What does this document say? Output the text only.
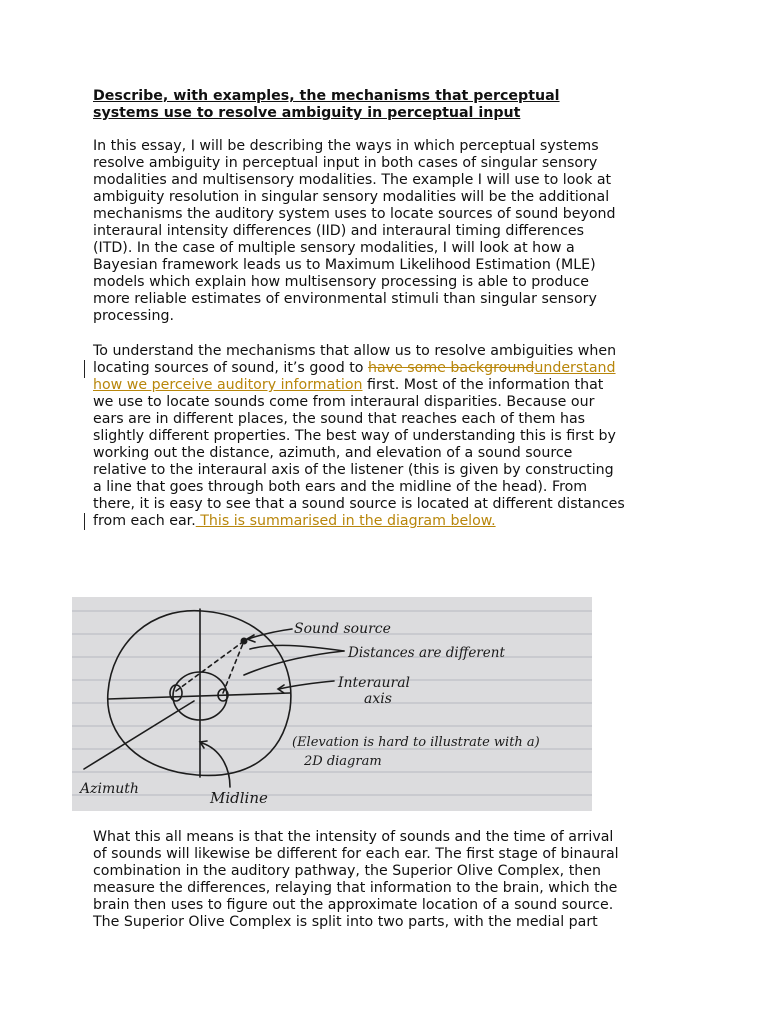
Describe, with examples, the mechanisms that perceptual
systems use to resolve ambiguity in perceptual input
In this essay, I will be describing the ways in which perceptual systems
resolve ambiguity in perceptual input in both cases of singular sensory
modalities and multisensory modalities. The example I will use to look at
ambiguity resolution in singular sensory modalities will be the additional
mechanisms the auditory system uses to locate sources of sound beyond
interaural intensity differences (IID) and interaural timing differences
(ITD). In the case of multiple sensory modalities, I will look at how a
Bayesian framework leads us to Maximum Likelihood Estimation (MLE)
models which explain how multisensory processing is able to produce
more reliable estimates of environmental stimuli than singular sensory
processing.
To understand the mechanisms that allow us to resolve ambiguities when
locating sources of sound, it’s good to have some backgroundunderstand
how we perceive auditory information first. Most of the information that
we use to locate sounds come from interaural disparities. Because our
ears are in different places, the sound that reaches each of them has
slightly different properties. The best way of understanding this is first by
working out the distance, azimuth, and elevation of a sound source
relative to the interaural axis of the listener (this is given by constructing
a line that goes through both ears and the midline of the head). From
there, it is easy to see that a sound source is located at different distances
from each ear. This is summarised in the diagram below.
Sound source
Distances are different
Interaural
axis
(Elevation is hard to illustrate with a)
2D diagram
Azimuth	Midline
What this all means is that the intensity of sounds and the time of arrival
of sounds will likewise be different for each ear. The first stage of binaural
combination in the auditory pathway, the Superior Olive Complex, then
measure the differences, relaying that information to the brain, which the
brain then uses to figure out the approximate location of a sound source.
The Superior Olive Complex is split into two parts, with the medial part
